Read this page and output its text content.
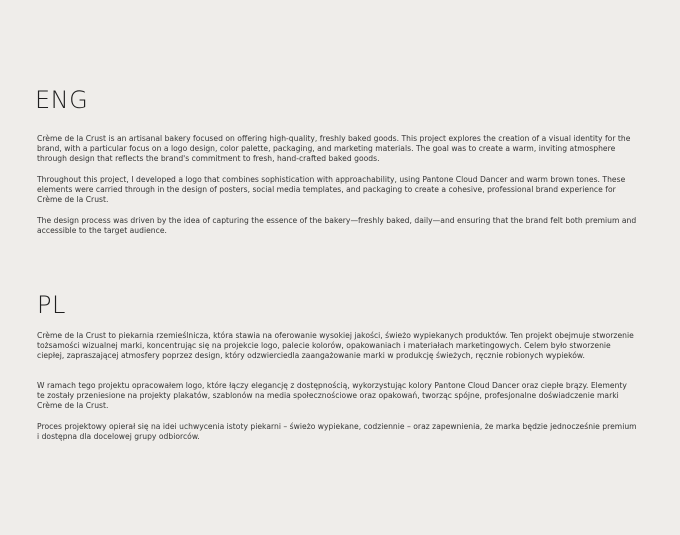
ENG

Crème de la Crust is an artisanal bakery focused on offering high-quality, freshly baked goods. This project explores the creation of a visual identity for the brand, with a particular focus on a logo design, color palette, packaging, and marketing materials. The goal was to create a warm, inviting atmosphere through design that reflects the brand's commitment to fresh, hand-crafted baked goods.

Throughout this project, I developed a logo that combines sophistication with approachability, using Pantone Cloud Dancer and warm brown tones. These elements were carried through in the design of posters, social media templates, and packaging to create a cohesive, professional brand experience for Crème de la Crust.

The design process was driven by the idea of capturing the essence of the bakery—freshly baked, daily—and ensuring that the brand felt both premium and accessible to the target audience.

PL

Crème de la Crust to piekarnia rzemieślnicza, która stawia na oferowanie wysokiej jakości, świeżo wypiekanych produktów. Ten projekt obejmuje stworzenie tożsamości wizualnej marki, koncentrując się na projekcie logo, palecie kolorów, opakowaniach i materiałach marketingowych. Celem było stworzenie ciepłej, zapraszającej atmosfery poprzez design, który odzwierciedla zaangażowanie marki w produkcję świeżych, ręcznie robionych wypieków.

W ramach tego projektu opracowałem logo, które łączy elegancję z dostępnością, wykorzystując kolory Pantone Cloud Dancer oraz ciepłe brązy. Elementy te zostały przeniesione na projekty plakatów, szablonów na media społecznościowe oraz opakowań, tworząc spójne, profesjonalne doświadczenie marki Crème de la Crust.

Proces projektowy opierał się na idei uchwycenia istoty piekarni – świeżo wypiekane, codziennie – oraz zapewnienia, że marka będzie jednocześnie premium i dostępna dla docelowej grupy odbiorców.
